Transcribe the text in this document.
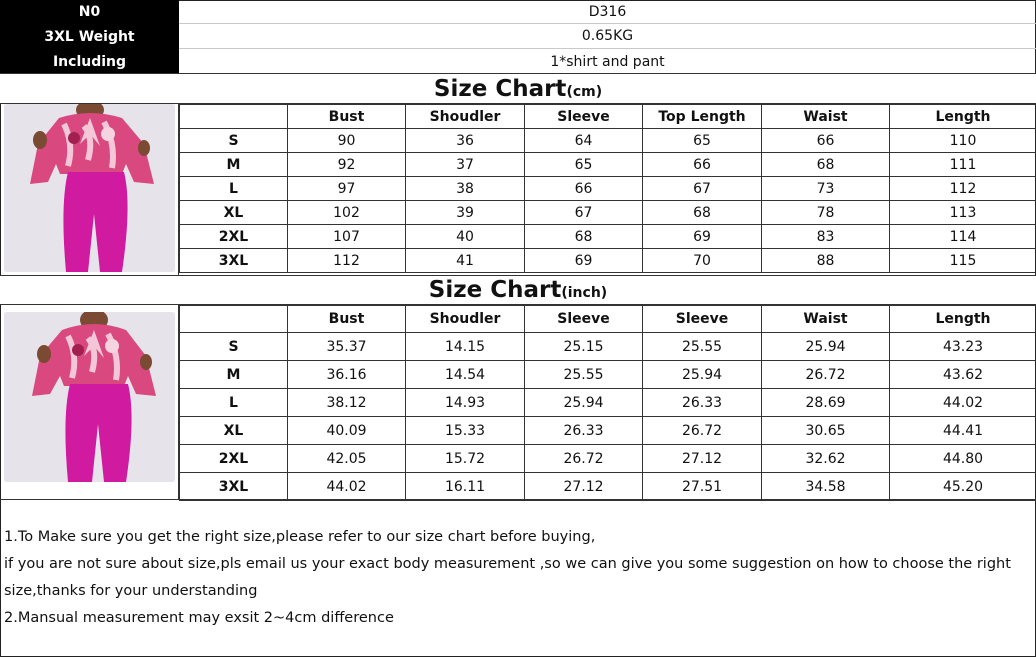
N0	D316
3XL Weight	0.65KG
Including	1*shirt and pant
Size Chart(cm)
	Bust	Shoudler	Sleeve	Top Length	Waist	Length
S	90	36	64	65	66	110
M	92	37	65	66	68	111
L	97	38	66	67	73	112
XL	102	39	67	68	78	113
2XL	107	40	68	69	83	114
3XL	112	41	69	70	88	115
Size Chart(inch)
	Bust	Shoudler	Sleeve	Sleeve	Waist	Length
S	35.37	14.15	25.15	25.55	25.94	43.23
M	36.16	14.54	25.55	25.94	26.72	43.62
L	38.12	14.93	25.94	26.33	28.69	44.02
XL	40.09	15.33	26.33	26.72	30.65	44.41
2XL	42.05	15.72	26.72	27.12	32.62	44.80
3XL	44.02	16.11	27.12	27.51	34.58	45.20
1.To Make sure you get the right size,please refer to our size chart before buying,
if you are not sure about size,pls email us your exact body measurement ,so we can give you some suggestion on how to choose the right
size,thanks for your understanding
2.Mansual measurement may exsit 2~4cm difference
